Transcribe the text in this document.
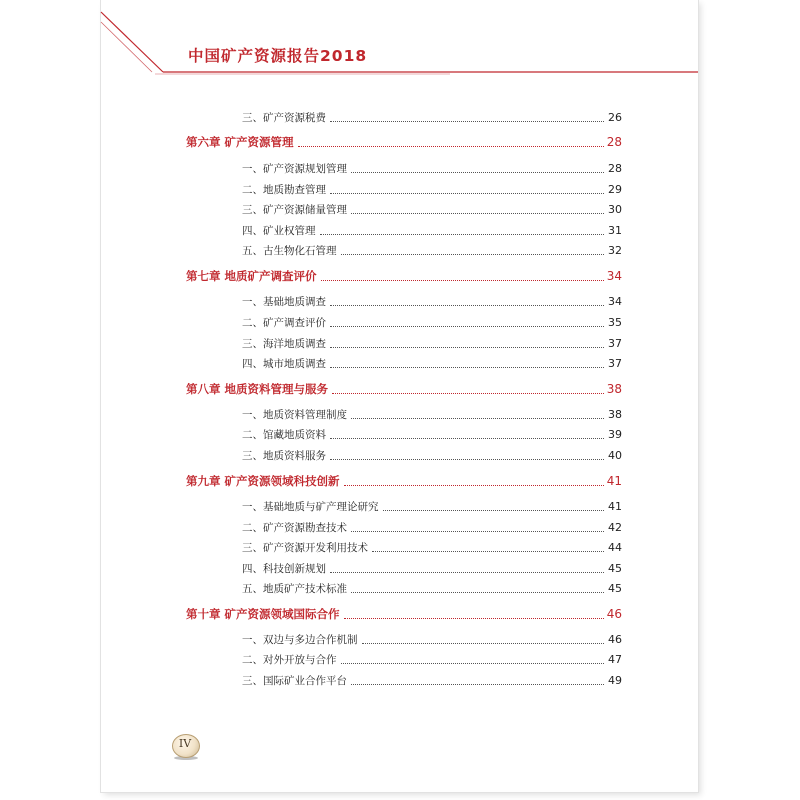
中国矿产资源报告2018
三、矿产资源税费	26
第六章 矿产资源管理	28
一、矿产资源规划管理	28
二、地质勘查管理	29
三、矿产资源储量管理	30
四、矿业权管理	31
五、古生物化石管理	32
第七章 地质矿产调查评价	34
一、基础地质调查	34
二、矿产调查评价	35
三、海洋地质调查	37
四、城市地质调查	37
第八章 地质资料管理与服务	38
一、地质资料管理制度	38
二、馆藏地质资料	39
三、地质资料服务	40
第九章 矿产资源领域科技创新	41
一、基础地质与矿产理论研究	41
二、矿产资源勘查技术	42
三、矿产资源开发利用技术	44
四、科技创新规划	45
五、地质矿产技术标准	45
第十章 矿产资源领域国际合作	46
一、双边与多边合作机制	46
二、对外开放与合作	47
三、国际矿业合作平台	49
IV
